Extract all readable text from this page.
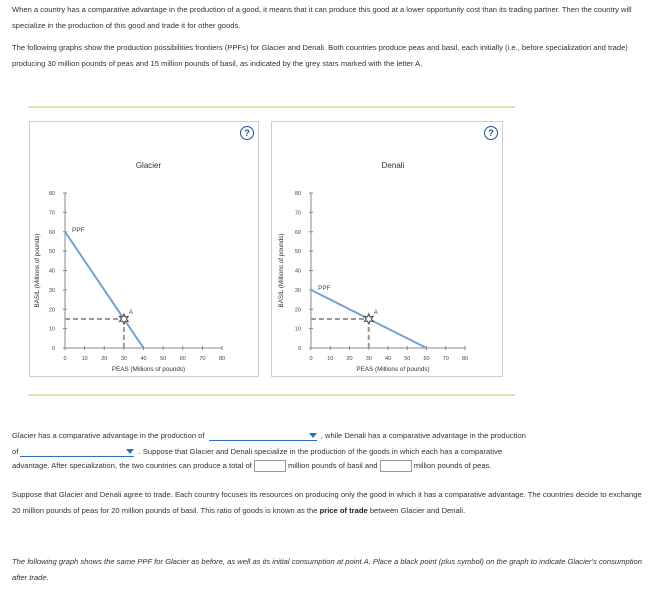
When a country has a comparative advantage in the production of a good, it means that it can produce this good at a lower opportunity cost than its trading partner. Then the country will specialize in the production of this good and trade it for other goods.
The following graphs show the production possibilities frontiers (PPFs) for Glacier and Denali. Both countries produce peas and basil, each initially (i.e., before specialization and trade) producing 30 million pounds of peas and 15 million pounds of basil, as indicated by the grey stars marked with the letter A.
?
Glacier
0	10 20 30 40 50 60 70 80
0
10
20
30
40
50
60
70
80
PEAS (Millions of pounds)
BASIL (Millions of pounds)
PPF
A
?
Denali
0	10 20 30 40 50 60 70 80
0
10
20
30
40
50
60
70
80
PEAS (Millions of pounds)
BASIL (Millions of pounds)	PPF
A
Glacier has a comparative advantage in the production of	, while Denali has a comparative advantage in the production
of	. Suppose that Glacier and Denali specialize in the production of the goods in which each has a comparative
advantage. After specialization, the two countries can produce a total of	million pounds of basil and	million pounds of peas.
Suppose that Glacier and Denali agree to trade. Each country focuses its resources on producing only the good in which it has a comparative advantage. The countries decide to exchange 20 million pounds of peas for 20 million pounds of basil. This ratio of goods is known as the price of trade between Glacier and Denali.
The following graph shows the same PPF for Glacier as before, as well as its initial consumption at point A. Place a black point (plus symbol) on the graph to indicate Glacier's consumption after trade.
